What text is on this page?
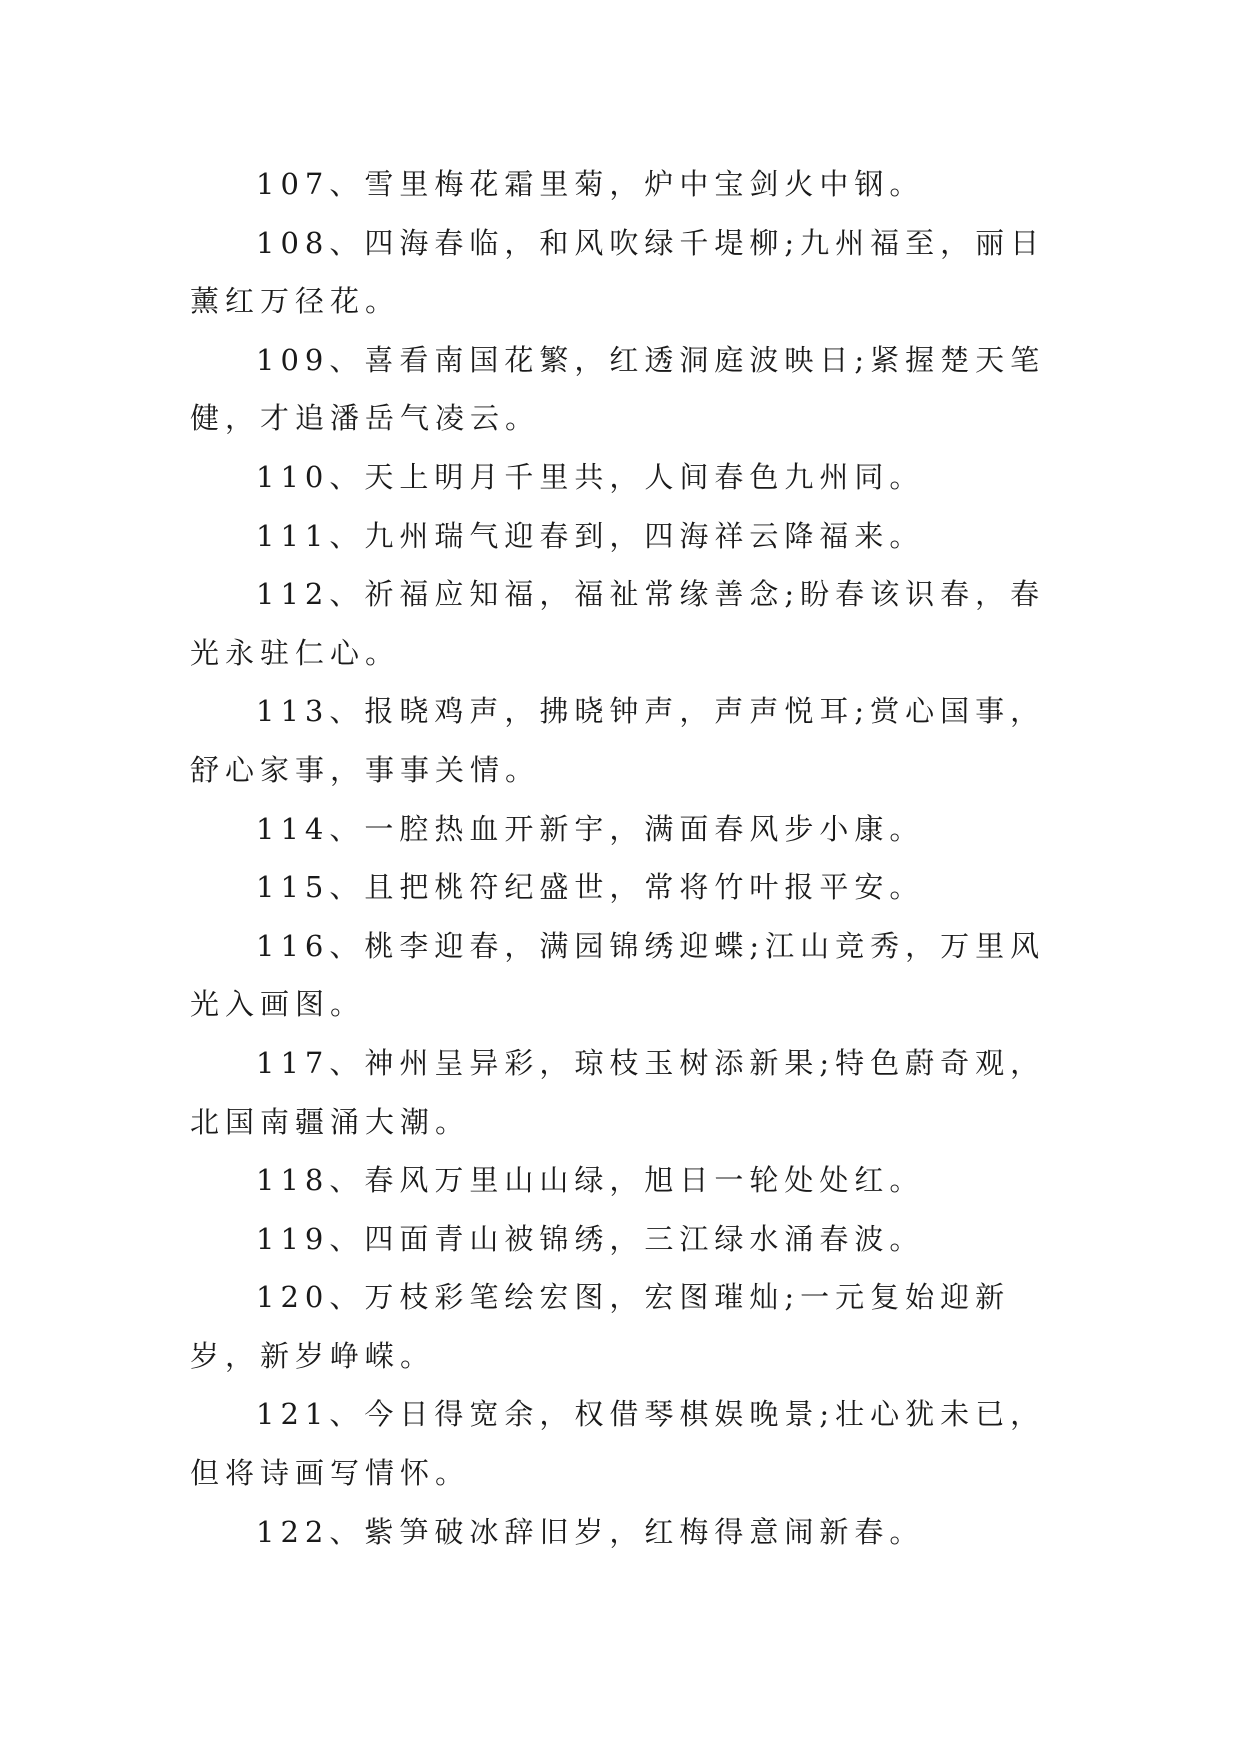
107、雪里梅花霜里菊，炉中宝剑火中钢。

108、四海春临，和风吹绿千堤柳;九州福至，丽日薰红万径花。

109、喜看南国花繁，红透洞庭波映日;紧握楚天笔健，才追潘岳气凌云。

110、天上明月千里共，人间春色九州同。

111、九州瑞气迎春到，四海祥云降福来。

112、祈福应知福，福祉常缘善念;盼春该识春，春光永驻仁心。

113、报晓鸡声，拂晓钟声，声声悦耳;赏心国事，舒心家事，事事关情。

114、一腔热血开新宇，满面春风步小康。

115、且把桃符纪盛世，常将竹叶报平安。

116、桃李迎春，满园锦绣迎蝶;江山竞秀，万里风光入画图。

117、神州呈异彩，琼枝玉树添新果;特色蔚奇观，北国南疆涌大潮。

118、春风万里山山绿，旭日一轮处处红。

119、四面青山被锦绣，三江绿水涌春波。

120、万枝彩笔绘宏图，宏图璀灿;一元复始迎新岁，新岁峥嵘。

121、今日得宽余，权借琴棋娱晚景;壮心犹未已，但将诗画写情怀。

122、紫笋破冰辞旧岁，红梅得意闹新春。
